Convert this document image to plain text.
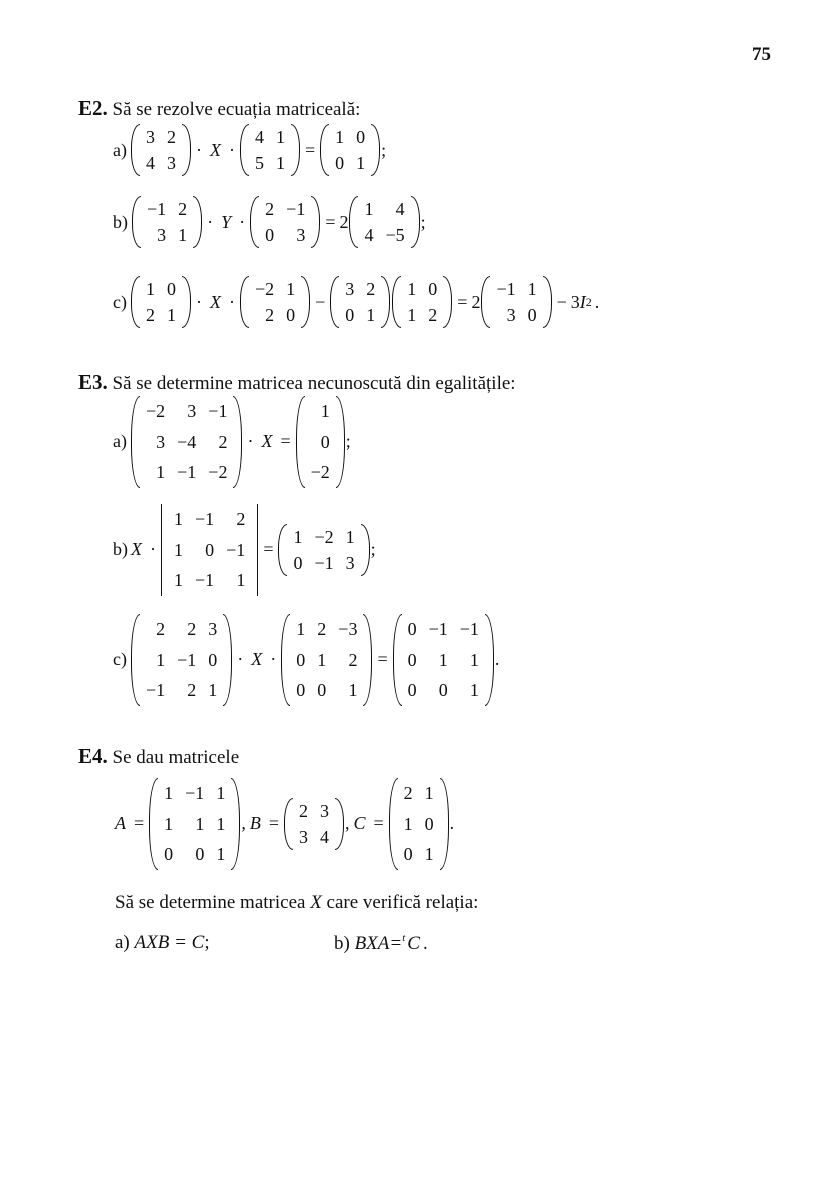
75
E2. Să se rezolve ecuația matriceală:
a)
3	2
4	3
· X ·
4	1
5	1
=
1	0
0	1
;
b)
−1	2
3	1
· Y ·
2	−1
0	3
= 2
1	4
4	−5
;
c)
1	0
2	1
· X ·
−2	1
2	0
−
3	2
0	1
1	0
1	2
= 2
−1	1
3	0
− 3 I 2 .
E3. Să se determine matricea necunoscută din egalitățile:
a)
−2	3	−1
3	−4	2
1	−1	−2
· X =
1
0
−2
;
b) X ·
1	−1	2
1	0	−1
1	−1	1
=
1	−2	1
0	−1	3
;
c)
2	2	3
1	−1	0
−1	2	1
· X ·
1	2	−3
0	1	2
0	0	1
=
0	−1	−1
0	1	1
0	0	1
.
E4. Se dau matricele
A =
1	−1	1
1	1	1
0	0	1
, B =
2	3
3	4
, C =
2	1
1	0
0	1
.
Să se determine matricea X care verifică relația:
a) AXB = C;	b) BXA=$^t$ C .
